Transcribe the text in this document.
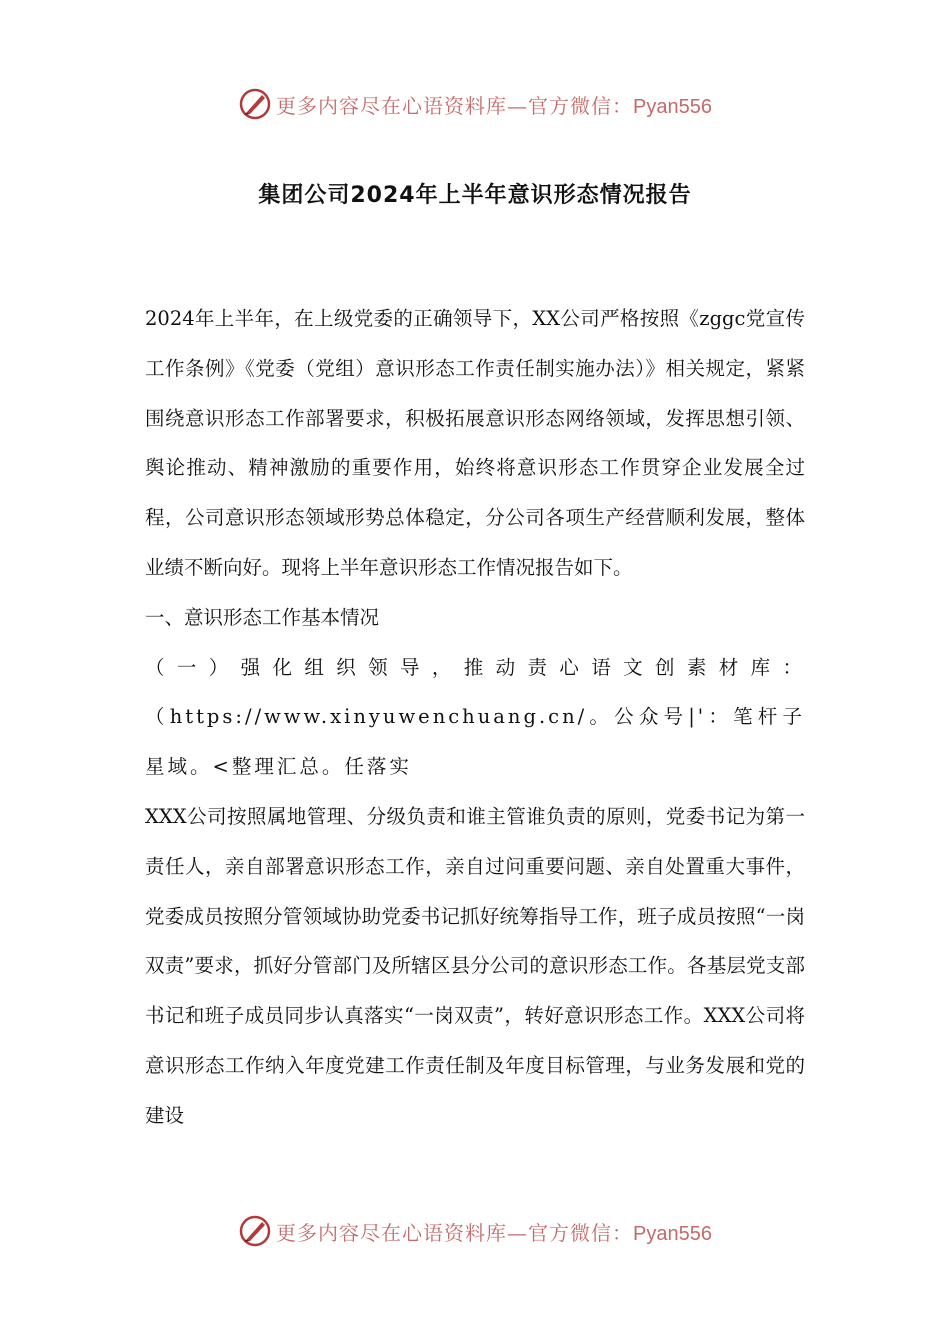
更多内容尽在心语资料库—官方微信：Pyan556
集团公司2024年上半年意识形态情况报告

2024年上半年，在上级党委的正确领导下，XX公司严格按照《zggc党宣传工作条例》《党委（党组）意识形态工作责任制实施办法）》相关规定，紧紧围绕意识形态工作部署要求，积极拓展意识形态网络领域，发挥思想引领、舆论推动、精神激励的重要作用，始终将意识形态工作贯穿企业发展全过程，公司意识形态领域形势总体稳定，分公司各项生产经营顺利发展，整体业绩不断向好。现将上半年意识形态工作情况报告如下。

一、意识形态工作基本情况

（一）强化组织领导，推动责心语文创素材库：（https://www.xinyuwenchuang.cn/。公众号|'：笔杆子星域。<整理汇总。任落实

XXX公司按照属地管理、分级负责和谁主管谁负责的原则，党委书记为第一责任人，亲自部署意识形态工作，亲自过问重要问题、亲自处置重大事件，党委成员按照分管领域协助党委书记抓好统筹指导工作，班子成员按照“一岗双责”要求，抓好分管部门及所辖区县分公司的意识形态工作。各基层党支部书记和班子成员同步认真落实“一岗双责”，转好意识形态工作。XXX公司将意识形态工作纳入年度党建工作责任制及年度目标管理，与业务发展和党的建设

更多内容尽在心语资料库—官方微信：Pyan556
